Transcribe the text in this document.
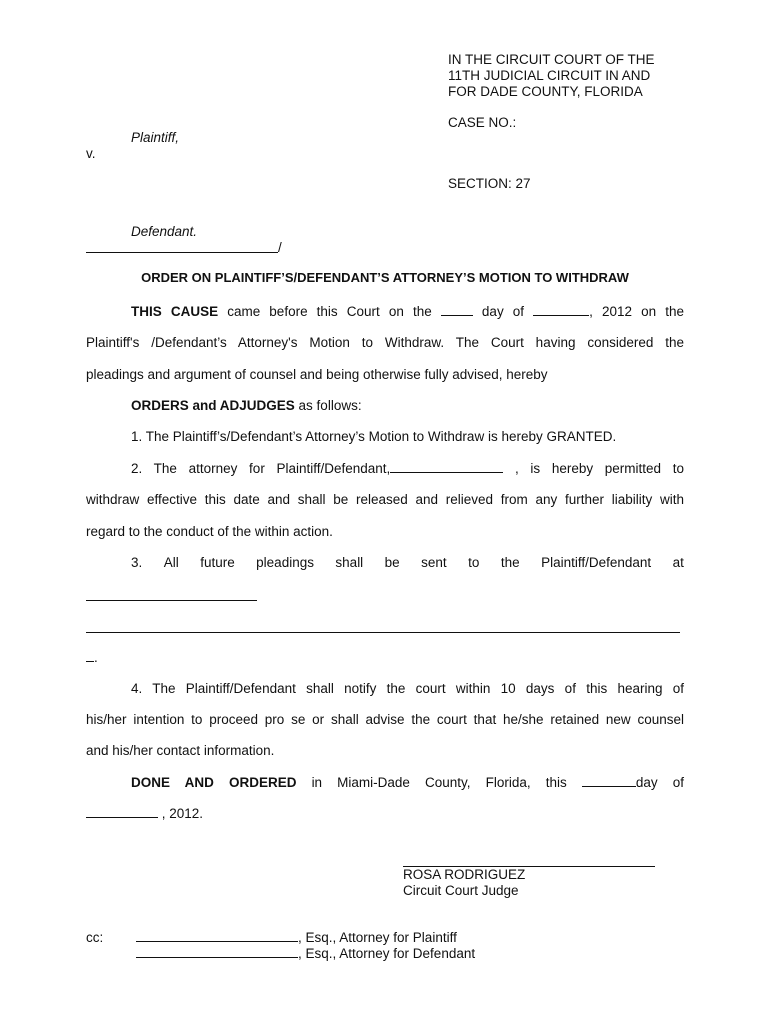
IN THE CIRCUIT COURT OF THE
11TH JUDICIAL CIRCUIT IN AND
FOR DADE COUNTY, FLORIDA
CASE NO.:
SECTION: 27
Plaintiff,
v.
Defendant.
/
ORDER ON PLAINTIFF’S/DEFENDANT’S ATTORNEY’S MOTION TO WITHDRAW
THIS CAUSE came before this Court on the	day of	, 2012 on the
Plaintiff's /Defendant’s Attorney's Motion to Withdraw. The Court having considered the
pleadings and argument of counsel and being otherwise fully advised, hereby
ORDERS and ADJUDGES as follows:
1. The Plaintiff’s/Defendant’s Attorney’s Motion to Withdraw is hereby GRANTED.
2. The attorney for Plaintiff/Defendant,	, is hereby permitted to
withdraw effective this date and shall be released and relieved from any further liability with
regard to the conduct of the within action.
3. All future pleadings shall be sent to the Plaintiff/Defendant at
.
4. The Plaintiff/Defendant shall notify the court within 10 days of this hearing of
his/her intention to proceed pro se or shall advise the court that he/she retained new counsel
and his/her contact information.
DONE AND ORDERED in Miami-Dade County, Florida, this	day of
, 2012.
ROSA RODRIGUEZ
Circuit Court Judge
cc:	, Esq., Attorney for Plaintiff
, Esq., Attorney for Defendant
